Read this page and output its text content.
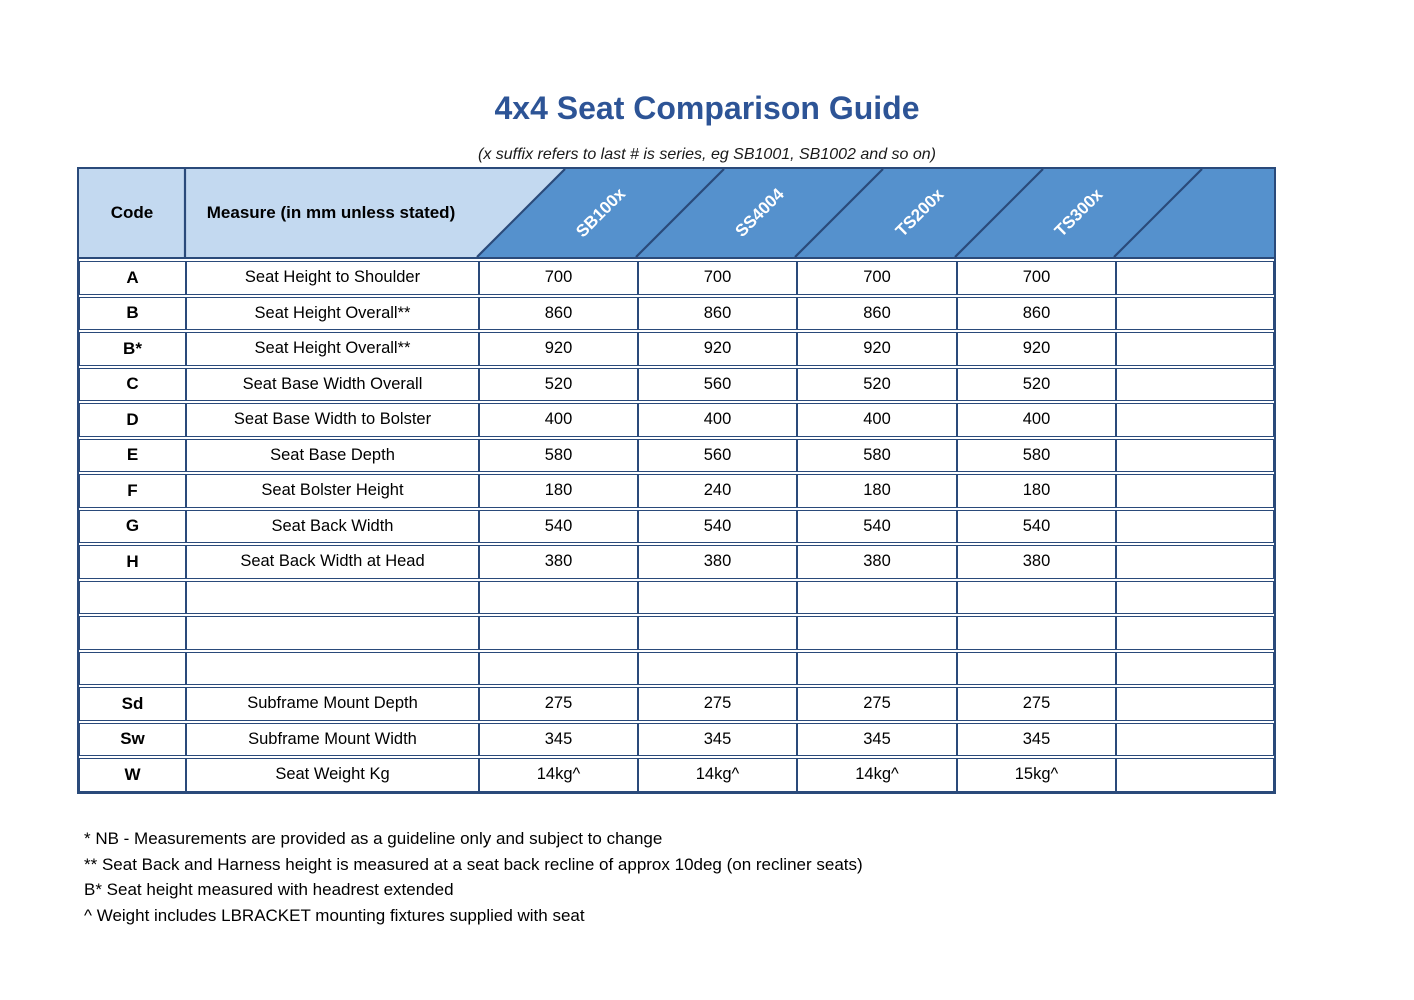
4x4 Seat Comparison Guide
(x suffix refers to last # is series, eg SB1001, SB1002 and so on)
Code	Measure (in mm unless stated)	SB100x	SS4004	TS200x	TS300x
A	Seat Height to Shoulder	700	700	700	700	
B	Seat Height Overall**	860	860	860	860	
B*	Seat Height Overall**	920	920	920	920	
C	Seat Base Width Overall	520	560	520	520	
D	Seat Base Width to Bolster	400	400	400	400	
E	Seat Base Depth	580	560	580	580	
F	Seat Bolster Height	180	240	180	180	
G	Seat Back Width	540	540	540	540	
H	Seat Back Width at Head	380	380	380	380	

Sd	Subframe Mount Depth	275	275	275	275	
Sw	Subframe Mount Width	345	345	345	345	
W	Seat Weight Kg	14kg^	14kg^	14kg^	15kg^	
* NB - Measurements are provided as a guideline only and subject to change
** Seat Back and Harness height is measured at a seat back recline of approx 10deg (on recliner seats)
B* Seat height measured with headrest extended
^ Weight includes LBRACKET mounting fixtures supplied with seat
